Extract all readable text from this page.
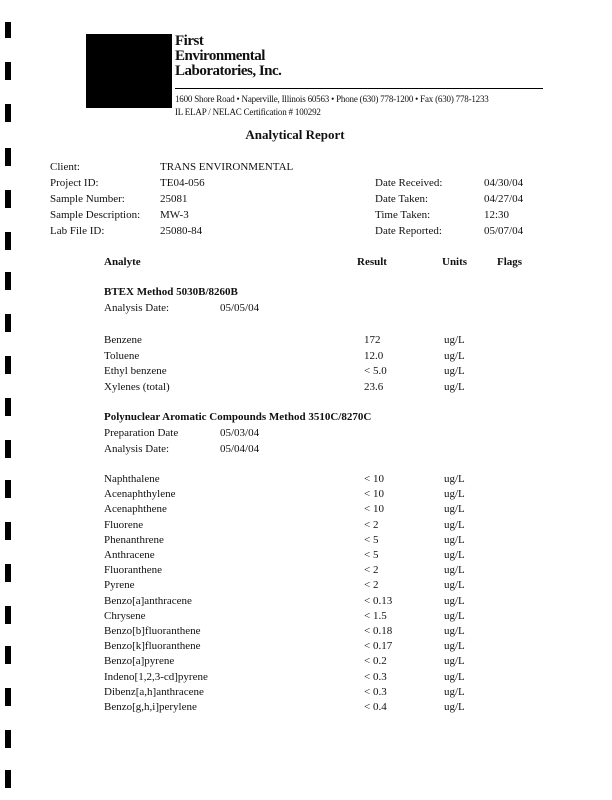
First
Environmental
Laboratories, Inc.
1600 Shore Road • Naperville, Illinois 60563 • Phone (630) 778-1200 • Fax (630) 778-1233
IL ELAP / NELAC Certification # 100292
Analytical Report
Client:	TRANS ENVIRONMENTAL
Project ID:	TE04-056	Date Received:	04/30/04
Sample Number:	25081	Date Taken:	04/27/04
Sample Description: MW-3	Time Taken:	12:30
Lab File ID:	25080-84	Date Reported:	05/07/04
Analyte	Result	Units	Flags
BTEX Method 5030B/8260B
Analysis Date:	05/05/04
Benzene	172	ug/L
Toluene	12.0	ug/L
Ethyl benzene	< 5.0	ug/L
Xylenes (total)	23.6	ug/L
Polynuclear Aromatic Compounds Method 3510C/8270C
Preparation Date	05/03/04
Analysis Date:	05/04/04
Naphthalene	< 10	ug/L
Acenaphthylene	< 10	ug/L
Acenaphthene	< 10	ug/L
Fluorene	< 2	ug/L
Phenanthrene	< 5	ug/L
Anthracene	< 5	ug/L
Fluoranthene	< 2	ug/L
Pyrene	< 2	ug/L
Benzo[a]anthracene	< 0.13	ug/L
Chrysene	< 1.5	ug/L
Benzo[b]fluoranthene	< 0.18	ug/L
Benzo[k]fluoranthene	< 0.17	ug/L
Benzo[a]pyrene	< 0.2	ug/L
Indeno[1,2,3-cd]pyrene	< 0.3	ug/L
Dibenz[a,h]anthracene	< 0.3	ug/L
Benzo[g,h,i]perylene	< 0.4	ug/L
